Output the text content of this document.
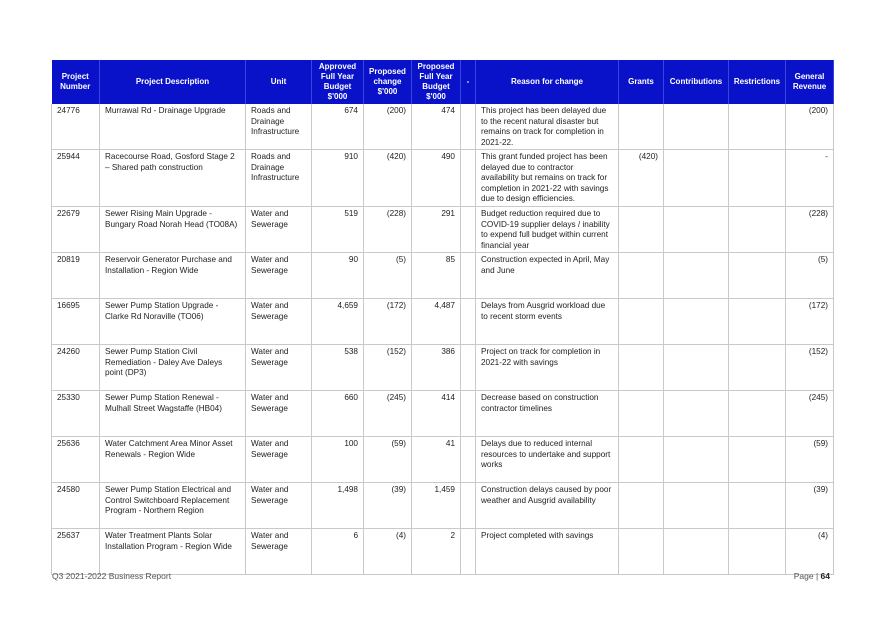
Project Number	Project Description	Unit	Approved Full Year Budget $'000	Proposed change $'000	Proposed Full Year Budget $'000	-	Reason for change	Grants	Contributions	Restrictions	General Revenue
24776	Murrawal Rd - Drainage Upgrade	Roads and Drainage Infrastructure	674	(200)	474		This project has been delayed due to the recent natural disaster but remains on track for completion in 2021-22.				(200)
25944	Racecourse Road, Gosford Stage 2 – Shared path construction	Roads and Drainage Infrastructure	910	(420)	490		This grant funded project has been delayed due to contractor availability but remains on track for completion in 2021-22 with savings due to design efficiencies.	(420)			-
22679	Sewer Rising Main Upgrade - Bungary Road Norah Head (TO08A)	Water and Sewerage	519	(228)	291		Budget reduction required due to COVID-19 supplier delays / inability to expend full budget within current financial year				(228)
20819	Reservoir Generator Purchase and Installation - Region Wide	Water and Sewerage	90	(5)	85		Construction expected in April, May and June				(5)
16695	Sewer Pump Station Upgrade - Clarke Rd Noraville (TO06)	Water and Sewerage	4,659	(172)	4,487		Delays from Ausgrid workload due to recent storm events				(172)
24260	Sewer Pump Station Civil Remediation - Daley Ave Daleys point (DP3)	Water and Sewerage	538	(152)	386		Project on track for completion in 2021-22 with savings				(152)
25330	Sewer Pump Station Renewal - Mulhall Street Wagstaffe (HB04)	Water and Sewerage	660	(245)	414		Decrease based on construction contractor timelines				(245)
25636	Water Catchment Area Minor Asset Renewals - Region Wide	Water and Sewerage	100	(59)	41		Delays due to reduced internal resources to undertake and support works				(59)
24580	Sewer Pump Station Electrical and Control Switchboard Replacement Program - Northern Region	Water and Sewerage	1,498	(39)	1,459		Construction delays caused by poor weather and Ausgrid availability				(39)
25637	Water Treatment Plants Solar Installation Program - Region Wide	Water and Sewerage	6	(4)	2		Project completed with savings				(4)
Q3 2021-2022 Business Report	Page | 64
